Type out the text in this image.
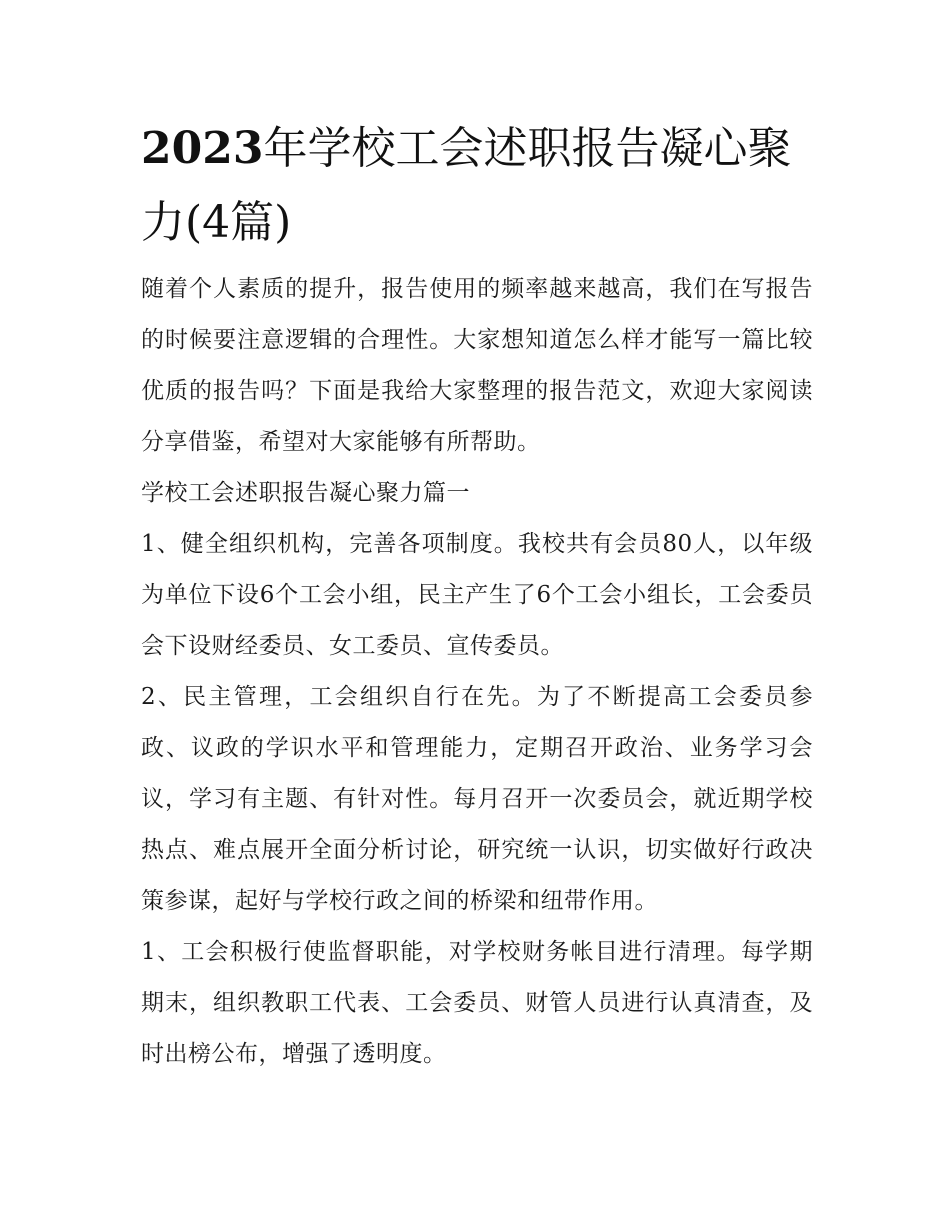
2023年学校工会述职报告凝心聚力(4篇)

随着个人素质的提升，报告使用的频率越来越高，我们在写报告的时候要注意逻辑的合理性。大家想知道怎么样才能写一篇比较优质的报告吗？下面是我给大家整理的报告范文，欢迎大家阅读分享借鉴，希望对大家能够有所帮助。

学校工会述职报告凝心聚力篇一

1、健全组织机构，完善各项制度。我校共有会员80人，以年级为单位下设6个工会小组，民主产生了6个工会小组长，工会委员会下设财经委员、女工委员、宣传委员。

2、民主管理，工会组织自行在先。为了不断提高工会委员参政、议政的学识水平和管理能力，定期召开政治、业务学习会议，学习有主题、有针对性。每月召开一次委员会，就近期学校热点、难点展开全面分析讨论，研究统一认识，切实做好行政决策参谋，起好与学校行政之间的桥梁和纽带作用。

1、工会积极行使监督职能，对学校财务帐目进行清理。每学期期末，组织教职工代表、工会委员、财管人员进行认真清查，及时出榜公布，增强了透明度。
